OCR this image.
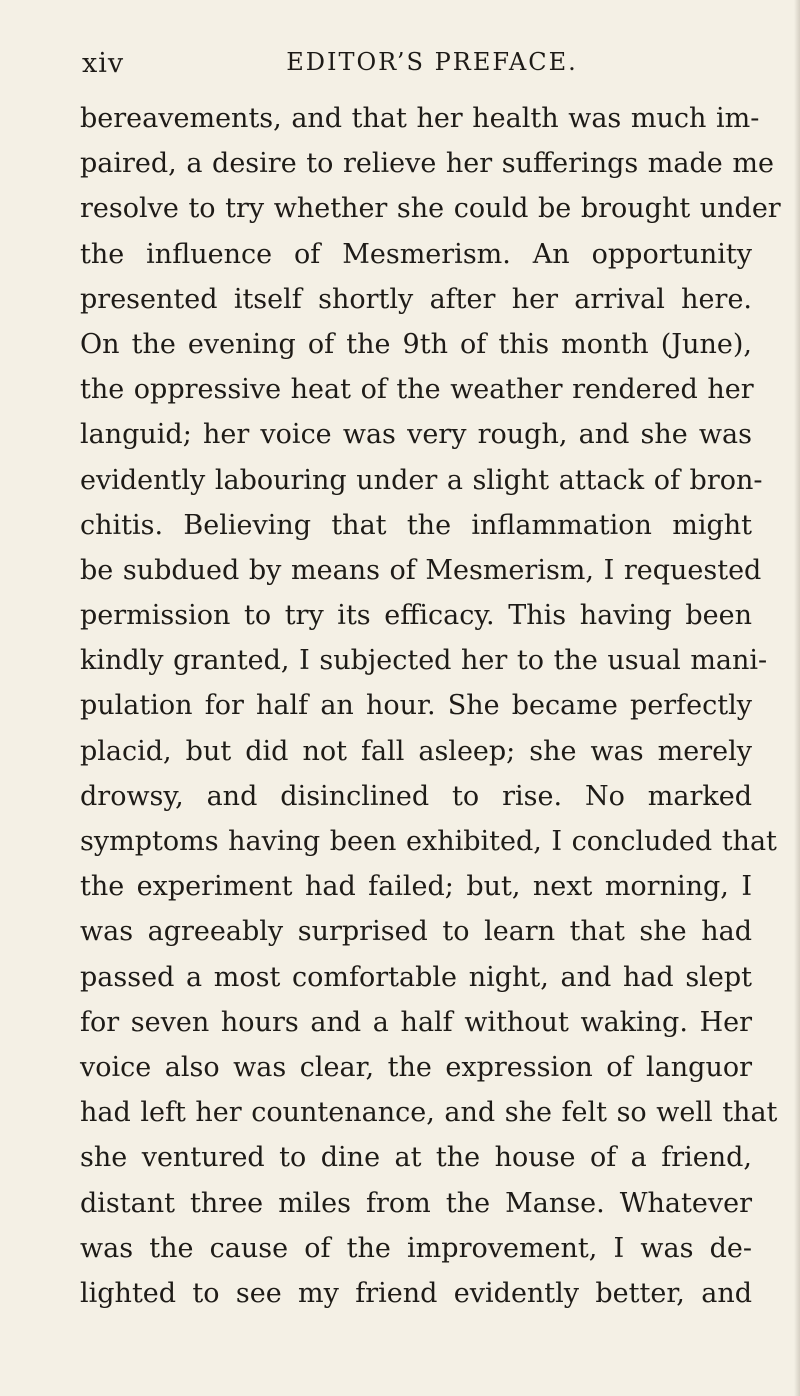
xiv	EDITOR’S PREFACE.
bereavements, and that her health was much im-
paired, a desire to relieve her sufferings made me
resolve to try whether she could be brought under
the influence of Mesmerism. An opportunity
presented itself shortly after her arrival here.
On the evening of the 9th of this month (June),
the oppressive heat of the weather rendered her
languid; her voice was very rough, and she was
evidently labouring under a slight attack of bron-
chitis. Believing that the inflammation might
be subdued by means of Mesmerism, I requested
permission to try its efficacy. This having been
kindly granted, I subjected her to the usual mani-
pulation for half an hour. She became perfectly
placid, but did not fall asleep; she was merely
drowsy, and disinclined to rise. No marked
symptoms having been exhibited, I concluded that
the experiment had failed; but, next morning, I
was agreeably surprised to learn that she had
passed a most comfortable night, and had slept
for seven hours and a half without waking. Her
voice also was clear, the expression of languor
had left her countenance, and she felt so well that
she ventured to dine at the house of a friend,
distant three miles from the Manse. Whatever
was the cause of the improvement, I was de-
lighted to see my friend evidently better, and
